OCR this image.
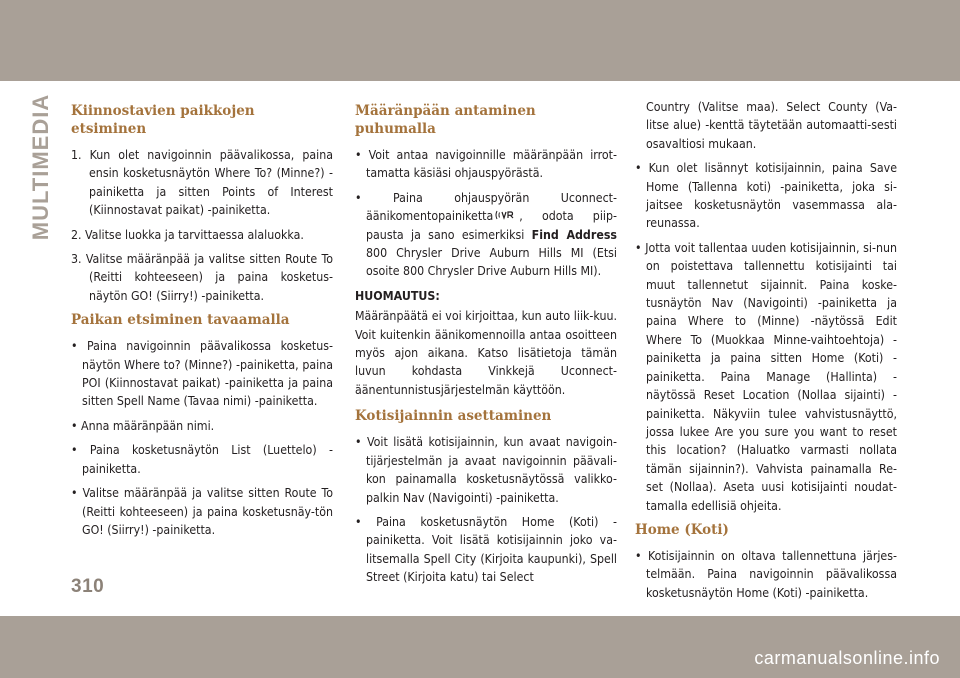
MULTIMEDIA Kiinnostavien paikkojen etsiminen

1. Kun olet navigoinnin päävalikossa, paina ensin kosketusnäytön Where To? (Minne?) -painiketta ja sitten Points of Interest (Kiinnostavat paikat) -painiketta.

2. Valitse luokka ja tarvittaessa alaluokka.

3. Valitse määränpää ja valitse sitten Route To (Reitti kohteeseen) ja paina kosketus-näytön GO! (Siirry!) -painiketta.

Paikan etsiminen tavaamalla

• Paina navigoinnin päävalikossa kosketus-näytön Where to? (Minne?) -painiketta, paina POI (Kiinnostavat paikat) -painiketta ja paina sitten Spell Name (Tavaa nimi) -painiketta.

• Anna määränpään nimi.

• Paina kosketusnäytön List (Luettelo) -painiketta.

• Valitse määränpää ja valitse sitten Route To (Reitti kohteeseen) ja paina kosketusnäy-tön GO! (Siirry!) -painiketta.

Määränpään antaminen puhumalla

• Voit antaa navigoinnille määränpään irrot-tamatta käsiäsi ohjauspyörästä.

• Paina ohjauspyörän Uconnect-äänikomentopainiketta , odota piip-pausta ja sano esimerkiksi Find Address 800 Chrysler Drive Auburn Hills MI (Etsi osoite 800 Chrysler Drive Auburn Hills MI).

HUOMAUTUS:

Määränpäätä ei voi kirjoittaa, kun auto liik-kuu. Voit kuitenkin äänikomennoilla antaa osoitteen myös ajon aikana. Katso lisätietoja tämän luvun kohdasta Vinkkejä Uconnect-äänentunnistusjärjestelmän käyttöön.

Kotisijainnin asettaminen

• Voit lisätä kotisijainnin, kun avaat navigoin-tijärjestelmän ja avaat navigoinnin päävali-kon painamalla kosketusnäytössä valikko-palkin Nav (Navigointi) -painiketta.

• Paina kosketusnäytön Home (Koti) -painiketta. Voit lisätä kotisijainnin joko va-litsemalla Spell City (Kirjoita kaupunki), Spell Street (Kirjoita katu) tai Select

Country (Valitse maa). Select County (Va-litse alue) -kenttä täytetään automaatti-sesti osavaltiosi mukaan.

• Kun olet lisännyt kotisijainnin, paina Save Home (Tallenna koti) -painiketta, joka si-jaitsee kosketusnäytön vasemmassa ala-reunassa.

• Jotta voit tallentaa uuden kotisijainnin, si-nun on poistettava tallennettu kotisijainti tai muut tallennetut sijainnit. Paina koske-tusnäytön Nav (Navigointi) -painiketta ja paina Where to (Minne) -näytössä Edit Where To (Muokkaa Minne-vaihtoehtoja) -painiketta ja paina sitten Home (Koti) -painiketta. Paina Manage (Hallinta) -näytössä Reset Location (Nollaa sijainti) -painiketta. Näkyviin tulee vahvistusnäyttö, jossa lukee Are you sure you want to reset this location? (Haluatko varmasti nollata tämän sijainnin?). Vahvista painamalla Re-set (Nollaa). Aseta uusi kotisijainti noudat-tamalla edellisiä ohjeita.

Home (Koti)

• Kotisijainnin on oltava tallennettuna järjes-telmään. Paina navigoinnin päävalikossa kosketusnäytön Home (Koti) -painiketta.

310
carmanualsonline.info
